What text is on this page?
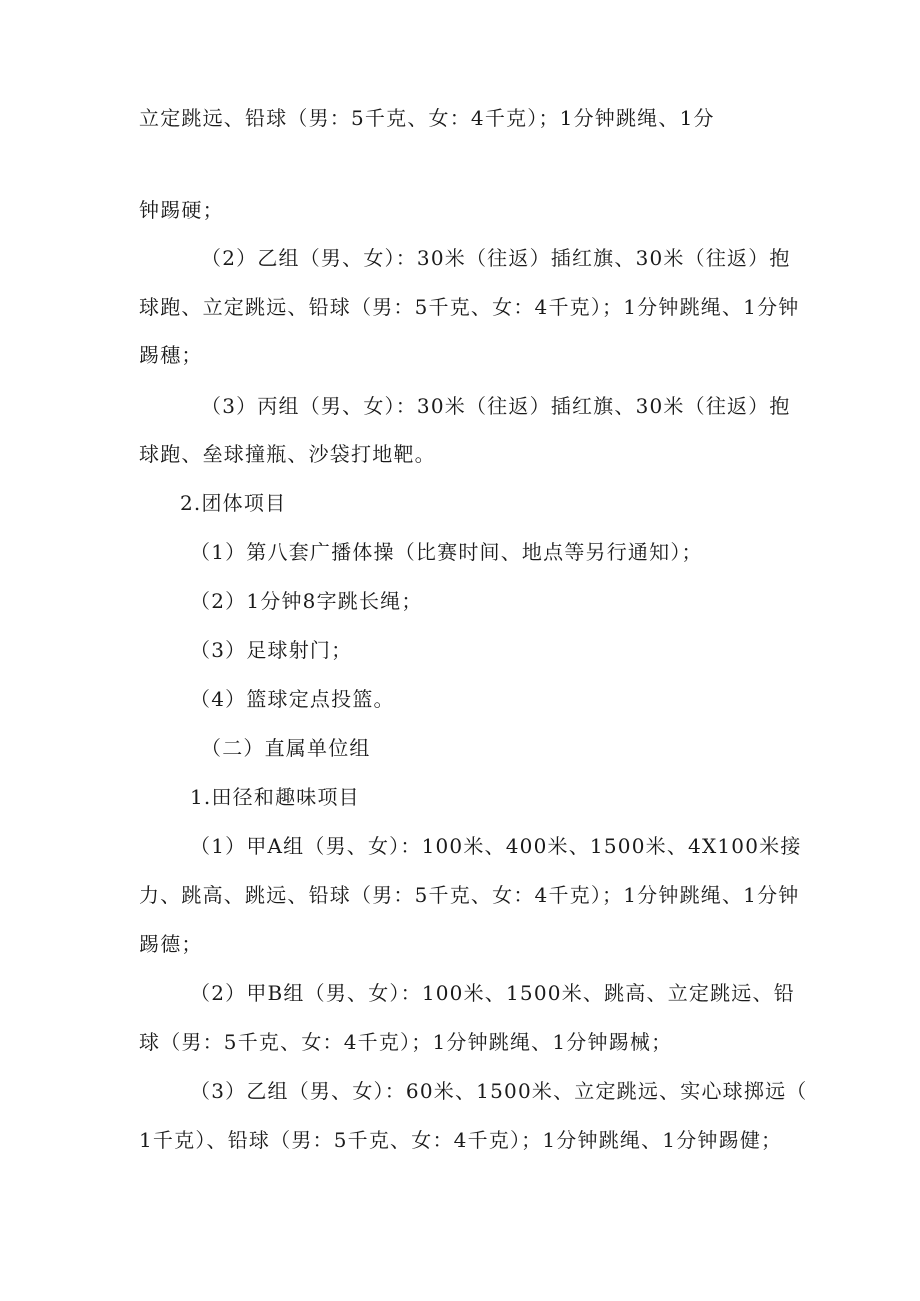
立定跳远、铅球（男：5千克、女：4千克）；1分钟跳绳、1分
钟踢硬；
（2）乙组（男、女）：30米（往返）插红旗、30米（往返）抱
球跑、立定跳远、铅球（男：5千克、女：4千克）；1分钟跳绳、1分钟
踢穗；
（3）丙组（男、女）：30米（往返）插红旗、30米（往返）抱
球跑、垒球撞瓶、沙袋打地靶。
2.团体项目
（1）第八套广播体操（比赛时间、地点等另行通知）；
（2）1分钟8字跳长绳；
（3）足球射门；
（4）篮球定点投篮。
（二）直属单位组
1.田径和趣味项目
（1）甲A组（男、女）：100米、400米、1500米、4X100米接
力、跳高、跳远、铅球（男：5千克、女：4千克）；1分钟跳绳、1分钟
踢德；
（2）甲B组（男、女）：100米、1500米、跳高、立定跳远、铅
球（男：5千克、女：4千克）；1分钟跳绳、1分钟踢械；
（3）乙组（男、女）：60米、1500米、立定跳远、实心球掷远（
1千克）、铅球（男：5千克、女：4千克）；1分钟跳绳、1分钟踢健；
